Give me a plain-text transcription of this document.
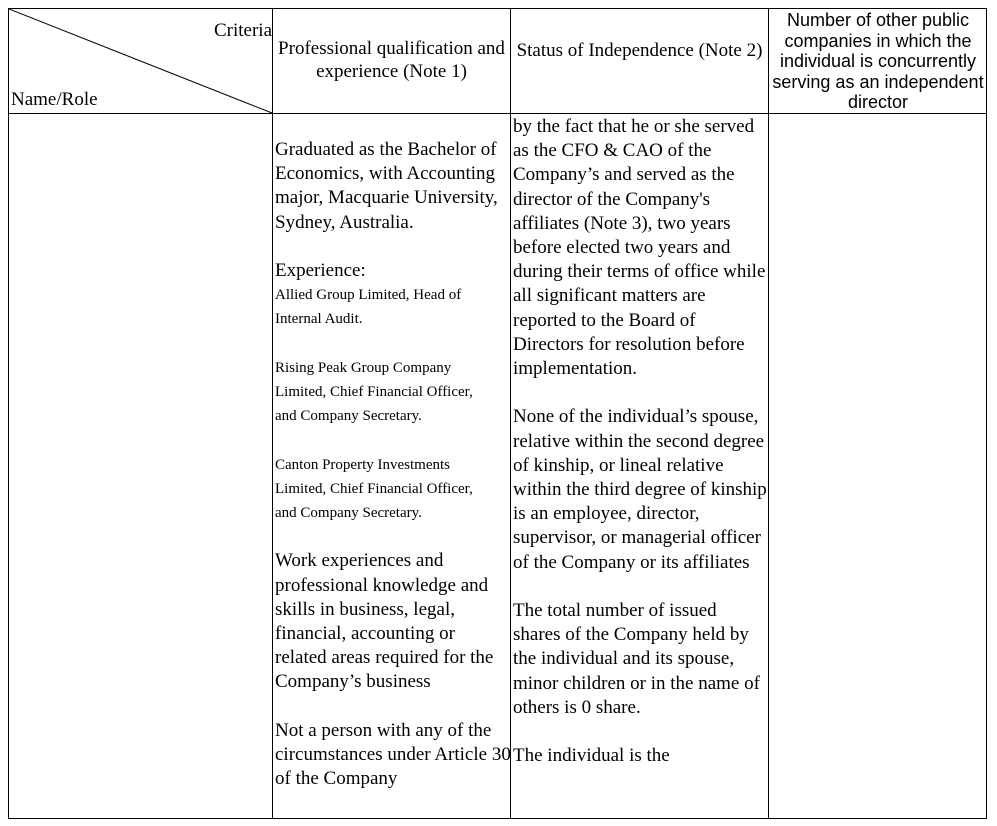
Criteria
Name/Role
Professional qualification and experience (Note 1)
Status of Independence (Note 2)
Number of other public companies in which the individual is concurrently serving as an independent director

Graduated as the Bachelor of Economics, with Accounting major, Macquarie University, Sydney, Australia.

Experience:

Allied Group Limited, Head of

Internal Audit.

Rising Peak Group Company

Limited, Chief Financial Officer,

and Company Secretary.

Canton Property Investments

Limited, Chief Financial Officer,

and Company Secretary.

Work experiences and professional knowledge and skills in business, legal, financial, accounting or related areas required for the Company’s business

Not a person with any of the circumstances under Article 30 of the Company

by the fact that he or she served as the CFO & CAO of the Company’s and served as the director of the Company's affiliates (Note 3), two years before elected two years and during their terms of office while all significant matters are reported to the Board of Directors for resolution before implementation.

None of the individual’s spouse, relative within the second degree of kinship, or lineal relative within the third degree of kinship is an employee, director, supervisor, or managerial officer of the Company or its affiliates

The total number of issued shares of the Company held by the individual and its spouse, minor children or in the name of others is 0 share.

The individual is the
